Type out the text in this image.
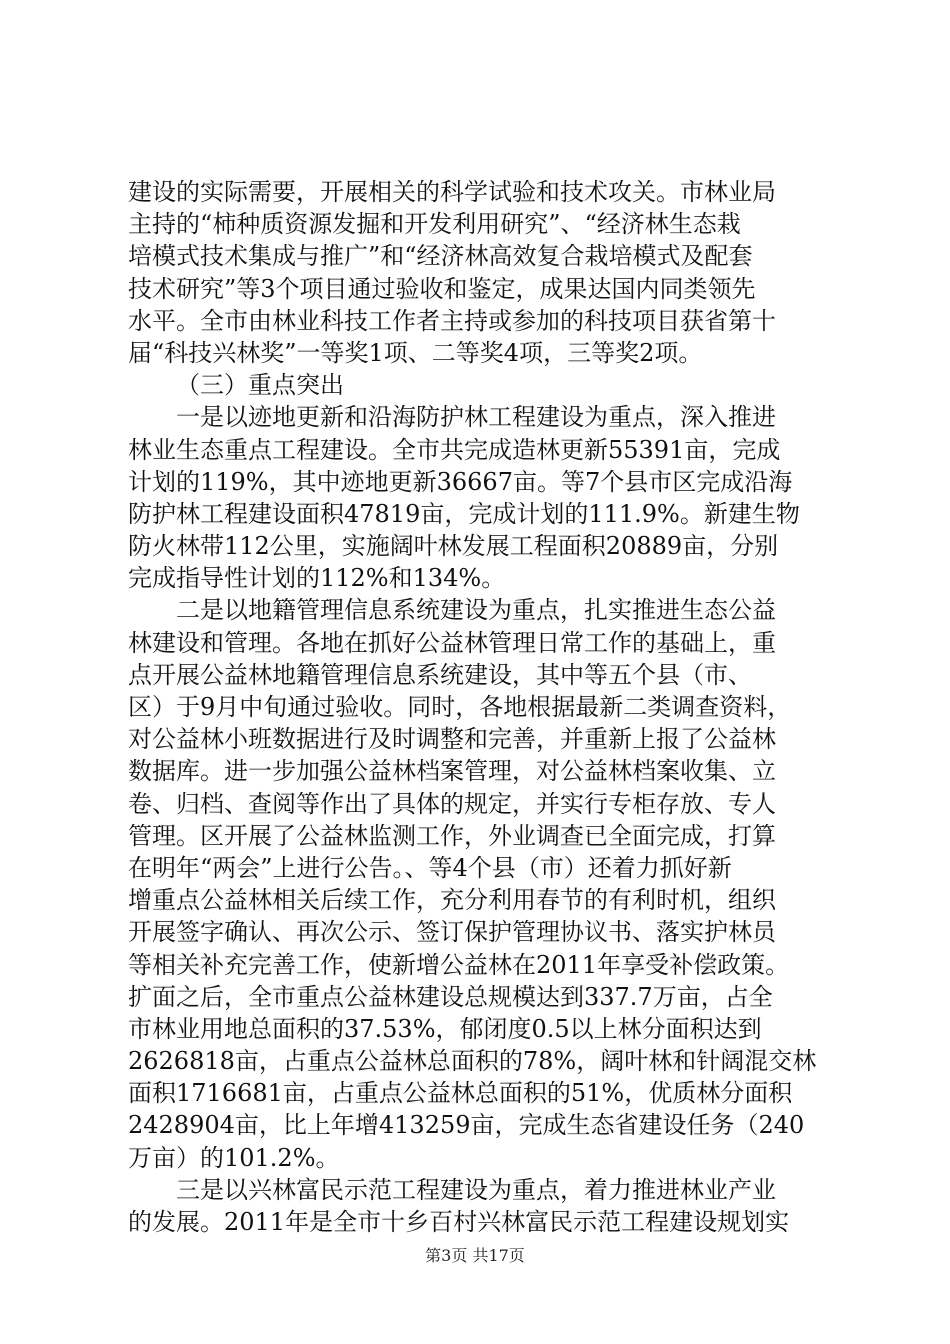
建设的实际需要，开展相关的科学试验和技术攻关。市林业局
主持的“柿种质资源发掘和开发利用研究”、“经济林生态栽
培模式技术集成与推广”和“经济林高效复合栽培模式及配套
技术研究”等3个项目通过验收和鉴定，成果达国内同类领先
水平。全市由林业科技工作者主持或参加的科技项目获省第十
届“科技兴林奖”一等奖1项、二等奖4项，三等奖2项。
（三）重点突出
一是以迹地更新和沿海防护林工程建设为重点，深入推进
林业生态重点工程建设。全市共完成造林更新55391亩，完成
计划的119%，其中迹地更新36667亩。等7个县市区完成沿海
防护林工程建设面积47819亩，完成计划的111.9%。新建生物
防火林带112公里，实施阔叶林发展工程面积20889亩，分别
完成指导性计划的112%和134%。
二是以地籍管理信息系统建设为重点，扎实推进生态公益
林建设和管理。各地在抓好公益林管理日常工作的基础上，重
点开展公益林地籍管理信息系统建设，其中等五个县（市、
区）于9月中旬通过验收。同时，各地根据最新二类调查资料，
对公益林小班数据进行及时调整和完善，并重新上报了公益林
数据库。进一步加强公益林档案管理，对公益林档案收集、立
卷、归档、查阅等作出了具体的规定，并实行专柜存放、专人
管理。区开展了公益林监测工作，外业调查已全面完成，打算
在明年“两会”上进行公告。、等4个县（市）还着力抓好新
增重点公益林相关后续工作，充分利用春节的有利时机，组织
开展签字确认、再次公示、签订保护管理协议书、落实护林员
等相关补充完善工作，使新增公益林在2011年享受补偿政策。
扩面之后，全市重点公益林建设总规模达到337.7万亩，占全
市林业用地总面积的37.53%，郁闭度0.5以上林分面积达到
2626818亩，占重点公益林总面积的78%，阔叶林和针阔混交林
面积1716681亩，占重点公益林总面积的51%，优质林分面积
2428904亩，比上年增413259亩，完成生态省建设任务（240
万亩）的101.2%。
三是以兴林富民示范工程建设为重点，着力推进林业产业
的发展。2011年是全市十乡百村兴林富民示范工程建设规划实
第3页 共17页
